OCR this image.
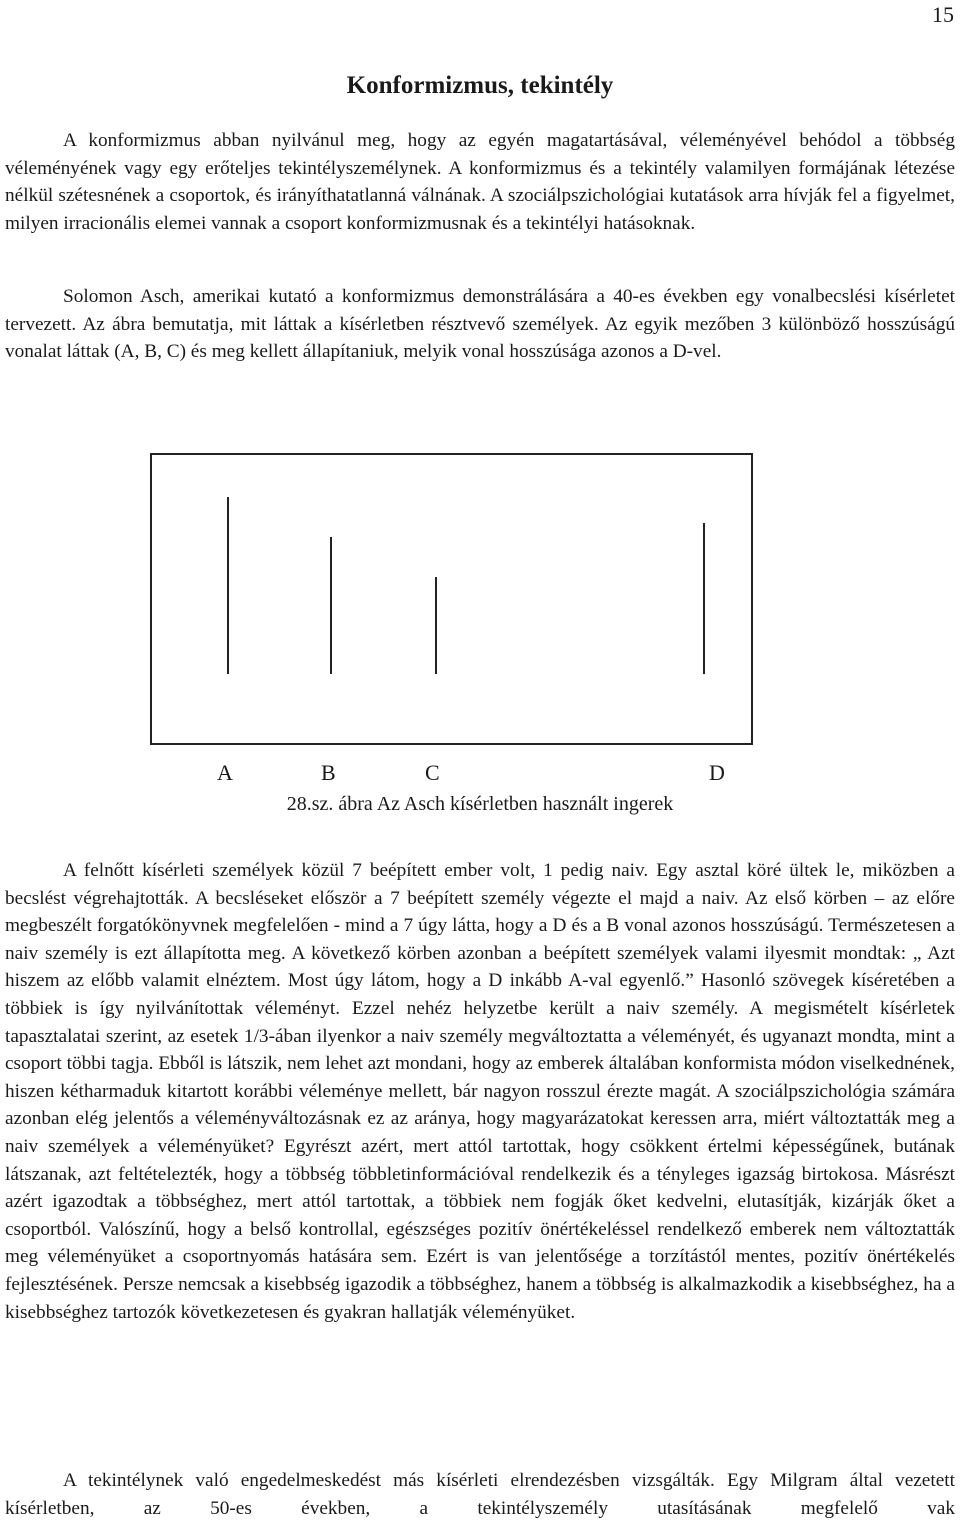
15
Konformizmus, tekintély

A konformizmus abban nyilvánul meg, hogy az egyén magatartásával, véleményével behódol a többség véleményének vagy egy erőteljes tekintélyszemélynek. A konformizmus és a tekintély valamilyen formájának létezése nélkül szétesnének a csoportok, és irányíthatatlanná válnának. A szociálpszichológiai kutatások arra hívják fel a figyelmet, milyen irracionális elemei vannak a csoport konformizmusnak és a tekintélyi hatásoknak.

Solomon Asch, amerikai kutató a konformizmus demonstrálására a 40-es években egy vonalbecslési kísérletet tervezett. Az ábra bemutatja, mit láttak a kísérletben résztvevő személyek. Az egyik mezőben 3 különböző hosszúságú vonalat láttak (A, B, C) és meg kellett állapítaniuk, melyik vonal hosszúsága azonos a D-vel.

A	B	C	D
28.sz. ábra Az Asch kísérletben használt ingerek

A felnőtt kísérleti személyek közül 7 beépített ember volt, 1 pedig naiv. Egy asztal köré ültek le, miközben a becslést végrehajtották. A becsléseket először a 7 beépített személy végezte el majd a naiv. Az első körben – az előre megbeszélt forgatókönyvnek megfelelően - mind a 7 úgy látta, hogy a D és a B vonal azonos hosszúságú. Természetesen a naiv személy is ezt állapította meg. A következő körben azonban a beépített személyek valami ilyesmit mondtak: „ Azt hiszem az előbb valamit elnéztem. Most úgy látom, hogy a D inkább A-val egyenlő.” Hasonló szövegek kíséretében a többiek is így nyilvánítottak véleményt. Ezzel nehéz helyzetbe került a naiv személy. A megismételt kísérletek tapasztalatai szerint, az esetek 1/3-ában ilyenkor a naiv személy megváltoztatta a véleményét, és ugyanazt mondta, mint a csoport többi tagja. Ebből is látszik, nem lehet azt mondani, hogy az emberek általában konformista módon viselkednének, hiszen kétharmaduk kitartott korábbi véleménye mellett, bár nagyon rosszul érezte magát. A szociálpszichológia számára azonban elég jelentős a véleményváltozásnak ez az aránya, hogy magyarázatokat keressen arra, miért változtatták meg a naiv személyek a véleményüket? Egyrészt azért, mert attól tartottak, hogy csökkent értelmi képességűnek, butának látszanak, azt feltételezték, hogy a többség többletinformációval rendelkezik és a tényleges igazság birtokosa. Másrészt azért igazodtak a többséghez, mert attól tartottak, a többiek nem fogják őket kedvelni, elutasítják, kizárják őket a csoportból. Valószínű, hogy a belső kontrollal, egészséges pozitív önértékeléssel rendelkező emberek nem változtatták meg véleményüket a csoportnyomás hatására sem. Ezért is van jelentősége a torzítástól mentes, pozitív önértékelés fejlesztésének. Persze nemcsak a kisebbség igazodik a többséghez, hanem a többség is alkalmazkodik a kisebbséghez, ha a kisebbséghez tartozók következetesen és gyakran hallatják véleményüket.

A tekintélynek való engedelmeskedést más kísérleti elrendezésben vizsgálták. Egy Milgram által vezetett kísérletben, az 50-es években, a tekintélyszemély utasításának megfelelő vak
